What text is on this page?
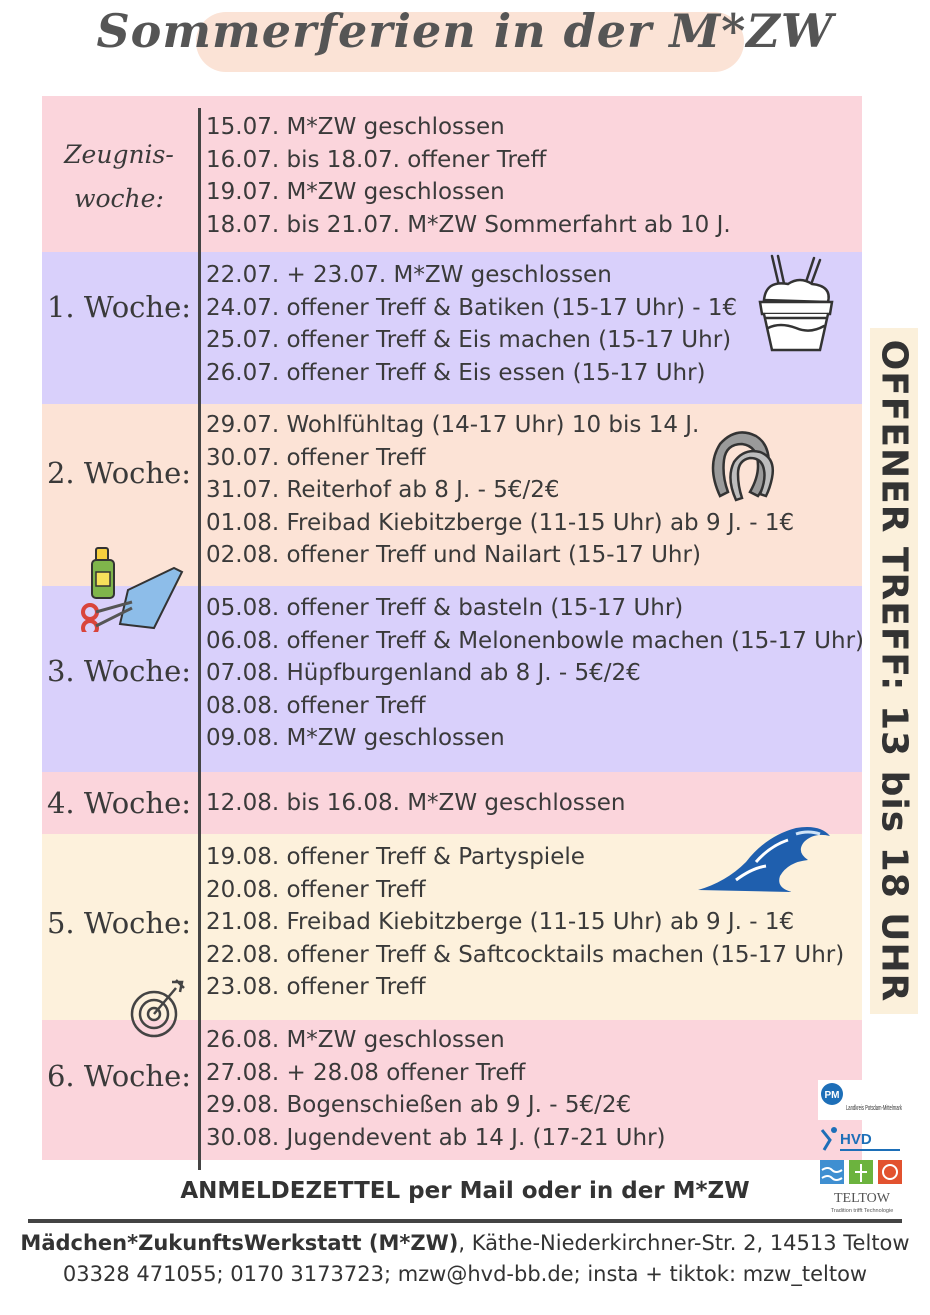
Sommerferien in der M*ZW
Zeugnis-
woche:
1. Woche:
2. Woche:
3. Woche:
4. Woche:
5. Woche:
6. Woche:
15.07. M*ZW geschlossen
16.07. bis 18.07. offener Treff
19.07. M*ZW geschlossen
18.07. bis 21.07. M*ZW Sommerfahrt ab 10 J.
22.07. + 23.07. M*ZW geschlossen
24.07. offener Treff & Batiken (15-17 Uhr) - 1€
25.07. offener Treff & Eis machen (15-17 Uhr)
26.07. offener Treff & Eis essen (15-17 Uhr)
29.07. Wohlfühltag (14-17 Uhr) 10 bis 14 J.
30.07. offener Treff
31.07. Reiterhof ab 8 J. - 5€/2€
01.08. Freibad Kiebitzberge (11-15 Uhr) ab 9 J. - 1€
02.08. offener Treff und Nailart (15-17 Uhr)
05.08. offener Treff & basteln (15-17 Uhr)
06.08. offener Treff & Melonenbowle machen (15-17 Uhr)
07.08. Hüpfburgenland ab 8 J. - 5€/2€
08.08. offener Treff
09.08. M*ZW geschlossen
12.08. bis 16.08. M*ZW geschlossen
19.08. offener Treff & Partyspiele
20.08. offener Treff
21.08. Freibad Kiebitzberge (11-15 Uhr) ab 9 J. - 1€
22.08. offener Treff & Saftcocktails machen (15-17 Uhr)
23.08. offener Treff
26.08. M*ZW geschlossen
27.08. + 28.08 offener Treff
29.08. Bogenschießen ab 9 J. - 5€/2€
30.08. Jugendevent ab 14 J. (17-21 Uhr)
OFFENER TREFF: 13 bis 18 UHR
PM
Landkreis Potsdam-Mittelmark
HVD
TELTOW
Tradition trifft Technologie
ANMELDEZETTEL per Mail oder in der M*ZW
Mädchen*ZukunftsWerkstatt (M*ZW), Käthe-Niederkirchner-Str. 2, 14513 Teltow
03328 471055; 0170 3173723; mzw@hvd-bb.de; insta + tiktok: mzw_teltow
